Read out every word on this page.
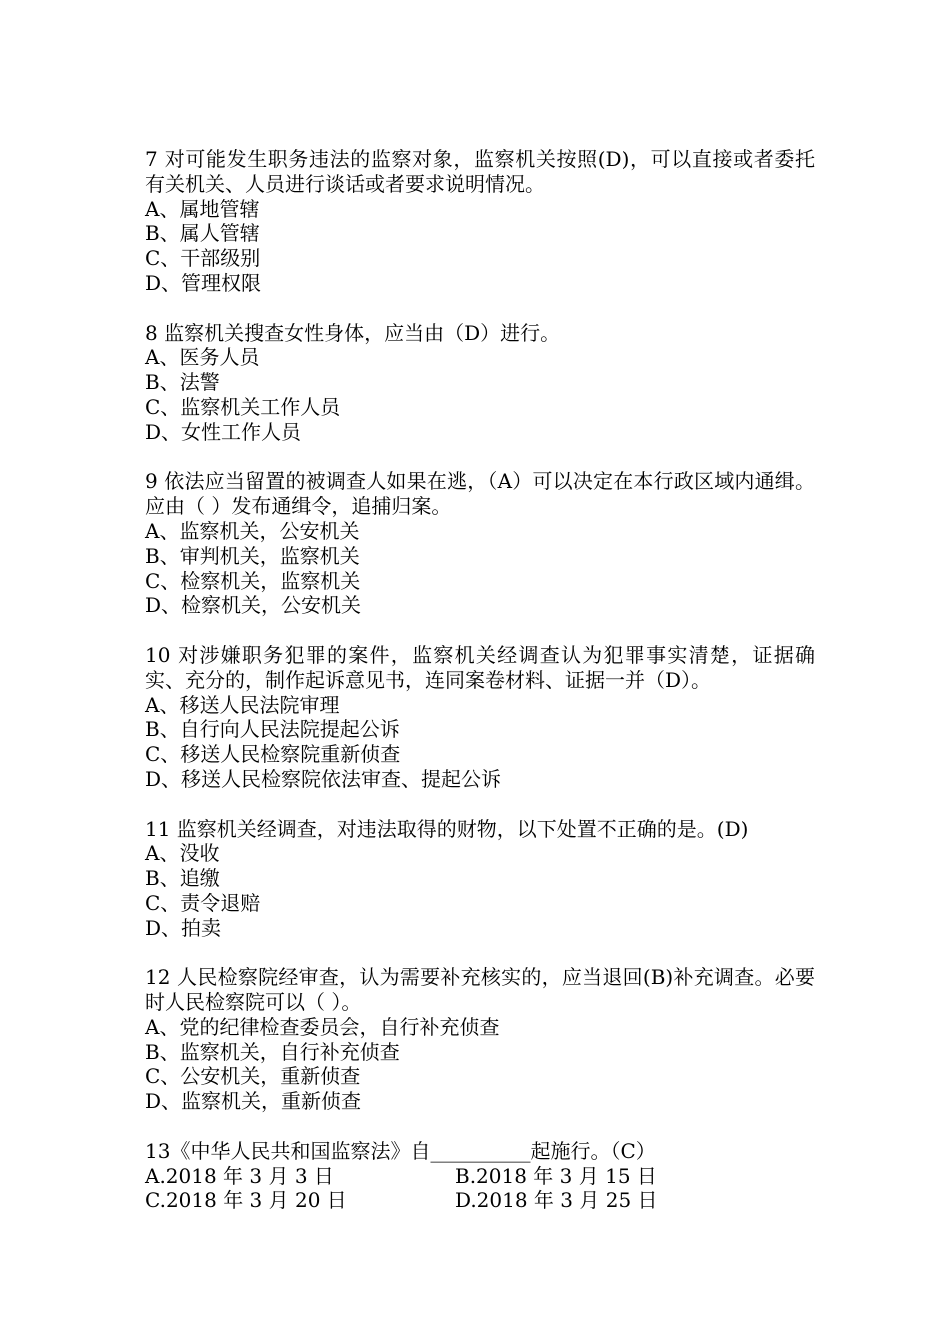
7 对可能发生职务违法的监察对象，监察机关按照(D)，可以直接或者委托有关机关、人员进行谈话或者要求说明情况。
A、属地管辖
B、属人管辖
C、干部级别
D、管理权限
8 监察机关搜查女性身体，应当由（D）进行。
A、医务人员
B、法警
C、监察机关工作人员
D、女性工作人员
9 依法应当留置的被调查人如果在逃，（A）可以决定在本行政区域内通缉。应由（ ）发布通缉令，追捕归案。
A、监察机关，公安机关
B、审判机关，监察机关
C、检察机关，监察机关
D、检察机关，公安机关
10 对涉嫌职务犯罪的案件，监察机关经调查认为犯罪事实清楚，证据确实、充分的，制作起诉意见书，连同案卷材料、证据一并（D）。
A、移送人民法院审理
B、自行向人民法院提起公诉
C、移送人民检察院重新侦查
D、移送人民检察院依法审查、提起公诉
11 监察机关经调查，对违法取得的财物，以下处置不正确的是。(D)
A、没收
B、追缴
C、责令退赔
D、拍卖
12 人民检察院经审查，认为需要补充核实的，应当退回(B)补充调查。必要时人民检察院可以（ ）。
A、党的纪律检查委员会，自行补充侦查
B、监察机关，自行补充侦查
C、公安机关，重新侦查
D、监察机关，重新侦查
13《中华人民共和国监察法》自__________起施行。（C）
A.2018 年 3 月 3 日	B.2018 年 3 月 15 日
C.2018 年 3 月 20 日	D.2018 年 3 月 25 日
